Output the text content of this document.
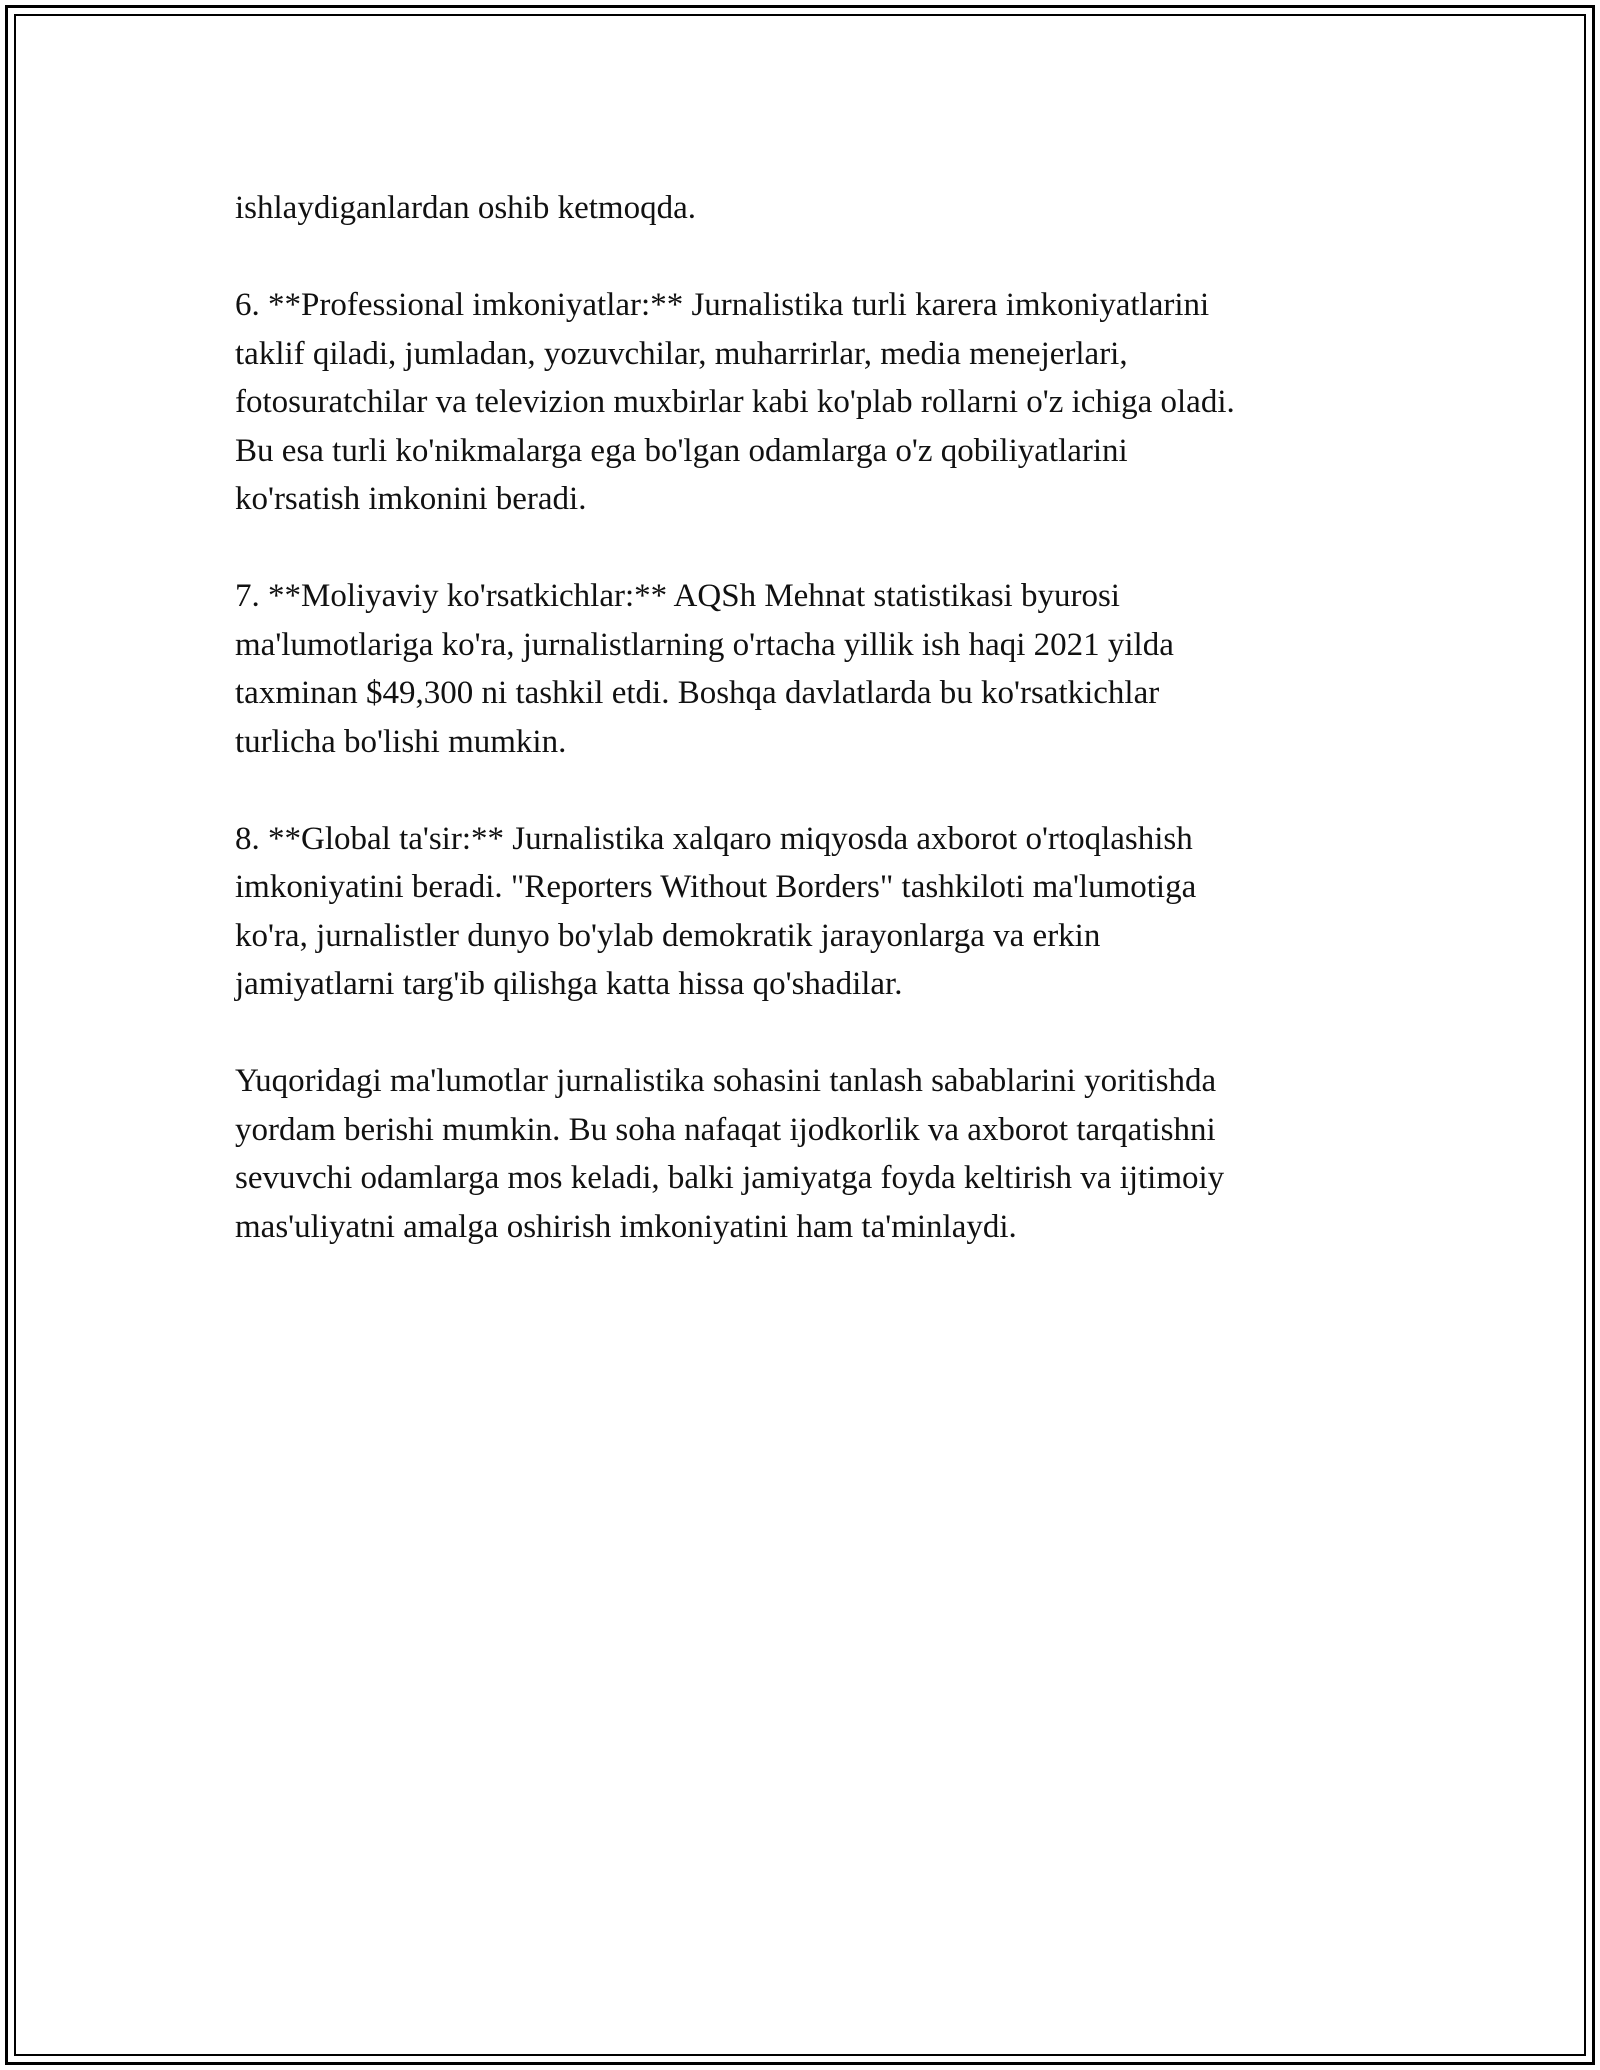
ishlaydiganlardan oshib ketmoqda.

6. **Professional imkoniyatlar:** Jurnalistika turli karera imkoniyatlarini
taklif qiladi, jumladan, yozuvchilar, muharrirlar, media menejerlari,
fotosuratchilar va televizion muxbirlar kabi ko'plab rollarni o'z ichiga oladi.
Bu esa turli ko'nikmalarga ega bo'lgan odamlarga o'z qobiliyatlarini
ko'rsatish imkonini beradi.

7. **Moliyaviy ko'rsatkichlar:** AQSh Mehnat statistikasi byurosi
ma'lumotlariga ko'ra, jurnalistlarning o'rtacha yillik ish haqi 2021 yilda
taxminan $49,300 ni tashkil etdi. Boshqa davlatlarda bu ko'rsatkichlar
turlicha bo'lishi mumkin.

8. **Global ta'sir:** Jurnalistika xalqaro miqyosda axborot o'rtoqlashish
imkoniyatini beradi. "Reporters Without Borders" tashkiloti ma'lumotiga
ko'ra, jurnalistler dunyo bo'ylab demokratik jarayonlarga va erkin
jamiyatlarni targ'ib qilishga katta hissa qo'shadilar.

Yuqoridagi ma'lumotlar jurnalistika sohasini tanlash sabablarini yoritishda
yordam berishi mumkin. Bu soha nafaqat ijodkorlik va axborot tarqatishni
sevuvchi odamlarga mos keladi, balki jamiyatga foyda keltirish va ijtimoiy
mas'uliyatni amalga oshirish imkoniyatini ham ta'minlaydi.
